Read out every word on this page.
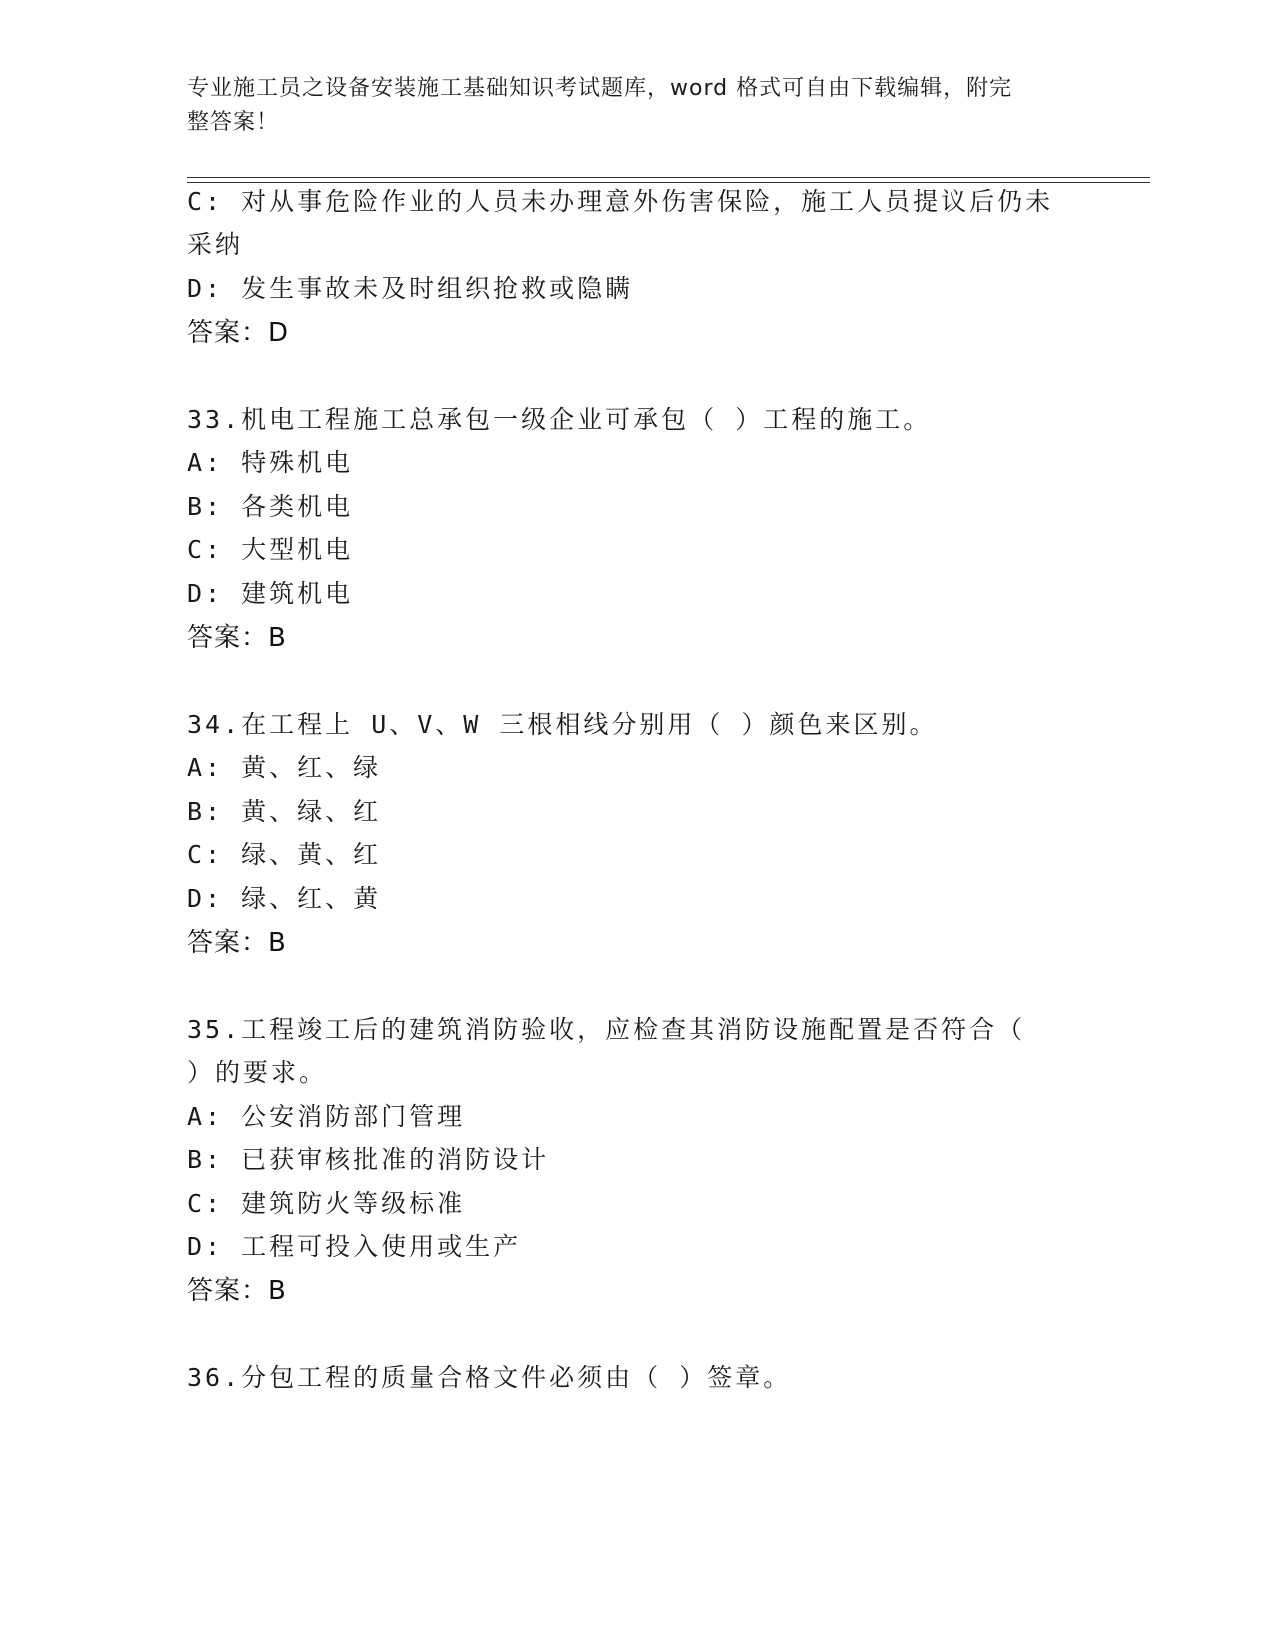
专业施工员之设备安装施工基础知识考试题库，word 格式可自由下载编辑，附完
整答案！
C: 对从事危险作业的人员未办理意外伤害保险，施工人员提议后仍未
采纳
D: 发生事故未及时组织抢救或隐瞒
答案：D
33.机电工程施工总承包一级企业可承包（ ）工程的施工。
A: 特殊机电
B: 各类机电
C: 大型机电
D: 建筑机电
答案：B
34.在工程上 U、V、W 三根相线分别用（ ）颜色来区别。
A: 黄、红、绿
B: 黄、绿、红
C: 绿、黄、红
D: 绿、红、黄
答案：B
35.工程竣工后的建筑消防验收，应检查其消防设施配置是否符合（
）的要求。
A: 公安消防部门管理
B: 已获审核批准的消防设计
C: 建筑防火等级标准
D: 工程可投入使用或生产
答案：B
36.分包工程的质量合格文件必须由（ ）签章。
